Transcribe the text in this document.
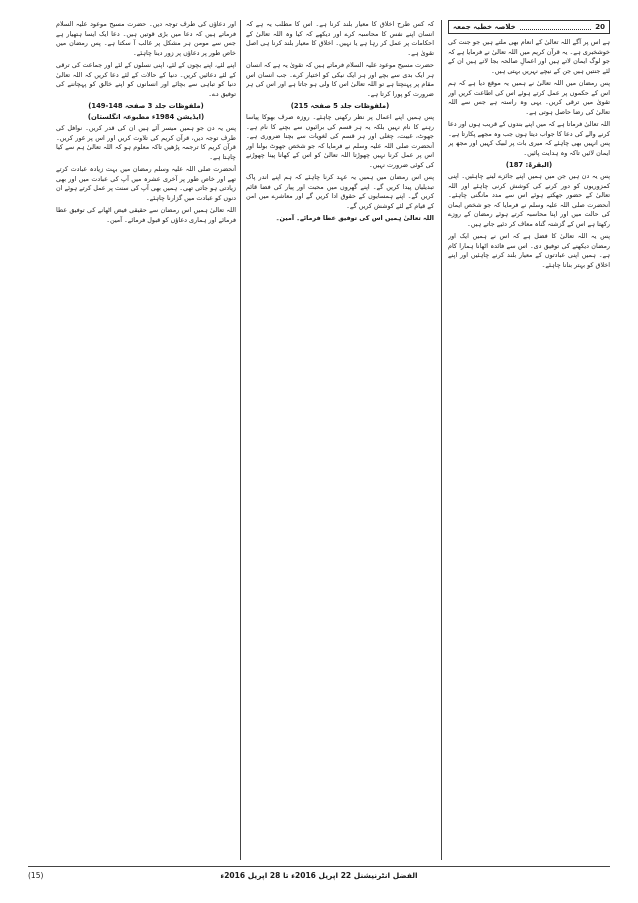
20
خلاصہ خطبہ جمعہ

ہے اس پر آگے اللہ تعالیٰ کے انعام بھی ملتے ہیں جو جنت کی خوشخبری ہے۔ یہ قرآن کریم میں اللہ تعالیٰ نے فرمایا ہے کہ جو لوگ ایمان لاتے ہیں اور اعمالِ صالحہ بجا لاتے ہیں ان کے لئے جنتیں ہیں جن کے نیچے نہریں بہتی ہیں۔

پس رمضان میں اللہ تعالیٰ نے ہمیں یہ موقع دیا ہے کہ ہم اس کے حکموں پر عمل کرتے ہوئے اس کی اطاعت کریں اور تقویٰ میں ترقی کریں۔ یہی وہ راستہ ہے جس سے اللہ تعالیٰ کی رضا حاصل ہوتی ہے۔

اللہ تعالیٰ فرماتا ہے کہ میں اپنے بندوں کے قریب ہوں اور دعا کرنے والے کی دعا کا جواب دیتا ہوں جب وہ مجھے پکارتا ہے۔ پس انہیں بھی چاہئے کہ میری بات پر لبیک کہیں اور مجھ پر ایمان لائیں تاکہ وہ ہدایت پائیں۔

(البقرۃ: 187)

پس یہ دن ہیں جن میں ہمیں اپنے جائزے لینے چاہئیں۔ اپنی کمزوریوں کو دور کرنے کی کوشش کرنی چاہئے اور اللہ تعالیٰ کے حضور جھکتے ہوئے اس سے مدد مانگنی چاہئے۔ آنحضرت صلی اللہ علیہ وسلم نے فرمایا کہ جو شخص ایمان کی حالت میں اور اپنا محاسبہ کرتے ہوئے رمضان کے روزے رکھتا ہے اس کے گزشتہ گناہ معاف کر دئیے جاتے ہیں۔

پس یہ اللہ تعالیٰ کا فضل ہے کہ اس نے ہمیں ایک اور رمضان دیکھنے کی توفیق دی۔ اس سے فائدہ اٹھانا ہمارا کام ہے۔ ہمیں اپنی عبادتوں کے معیار بلند کرنے چاہئیں اور اپنے اخلاق کو بہتر بنانا چاہئے۔

کہ کس طرح اخلاق کا معیار بلند کرنا ہے۔ اس کا مطلب یہ ہے کہ انسان اپنے نفس کا محاسبہ کرے اور دیکھے کہ کیا وہ اللہ تعالیٰ کے احکامات پر عمل کر رہا ہے یا نہیں۔ اخلاق کا معیار بلند کرنا ہی اصل تقویٰ ہے۔

حضرت مسیح موعود علیہ السلام فرماتے ہیں کہ تقویٰ یہ ہے کہ انسان ہر ایک بدی سے بچے اور ہر ایک نیکی کو اختیار کرے۔ جب انسان اس مقام پر پہنچتا ہے تو اللہ تعالیٰ اس کا ولی ہو جاتا ہے اور اس کی ہر ضرورت کو پورا کرتا ہے۔

(ملفوظات جلد 5 صفحہ 215)

پس ہمیں اپنے اعمال پر نظر رکھنی چاہئے۔ روزہ صرف بھوکا پیاسا رہنے کا نام نہیں بلکہ یہ ہر قسم کی برائیوں سے بچنے کا نام ہے۔ جھوٹ، غیبت، چغلی اور ہر قسم کی لغویات سے بچنا ضروری ہے۔ آنحضرت صلی اللہ علیہ وسلم نے فرمایا کہ جو شخص جھوٹ بولنا اور اس پر عمل کرنا نہیں چھوڑتا اللہ تعالیٰ کو اس کے کھانا پینا چھوڑنے کی کوئی ضرورت نہیں۔

پس اس رمضان میں ہمیں یہ عہد کرنا چاہئے کہ ہم اپنے اندر پاک تبدیلیاں پیدا کریں گے۔ اپنے گھروں میں محبت اور پیار کی فضا قائم کریں گے۔ اپنے ہمسایوں کے حقوق ادا کریں گے اور معاشرے میں امن کے قیام کے لئے کوشش کریں گے۔

اللہ تعالیٰ ہمیں اس کی توفیق عطا فرمائے۔ آمین۔

اور دعاؤں کی طرف توجہ دیں۔ حضرت مسیح موعود علیہ السلام فرماتے ہیں کہ دعا میں بڑی قوتیں ہیں۔ دعا ایک ایسا ہتھیار ہے جس سے مومن ہر مشکل پر غالب آ سکتا ہے۔ پس رمضان میں خاص طور پر دعاؤں پر زور دینا چاہئے۔

اپنے لئے، اپنے بچوں کے لئے، اپنی نسلوں کے لئے اور جماعت کی ترقی کے لئے دعائیں کریں۔ دنیا کے حالات کے لئے دعا کریں کہ اللہ تعالیٰ دنیا کو تباہی سے بچائے اور انسانوں کو اپنے خالق کو پہچاننے کی توفیق دے۔

(ملفوظات جلد 3 صفحہ 148-149)

(ایڈیشن 1984ء مطبوعہ انگلستان)

پس یہ دن جو ہمیں میسر آئے ہیں ان کی قدر کریں۔ نوافل کی طرف توجہ دیں، قرآن کریم کی تلاوت کریں اور اس پر غور کریں۔ قرآن کریم کا ترجمہ پڑھیں تاکہ معلوم ہو کہ اللہ تعالیٰ ہم سے کیا چاہتا ہے۔

آنحضرت صلی اللہ علیہ وسلم رمضان میں بہت زیادہ عبادت کرتے تھے اور خاص طور پر آخری عشرہ میں آپ کی عبادت میں اور بھی زیادتی ہو جاتی تھی۔ ہمیں بھی آپ کی سنت پر عمل کرتے ہوئے ان دنوں کو عبادت میں گزارنا چاہئے۔

اللہ تعالیٰ ہمیں اس رمضان سے حقیقی فیض اٹھانے کی توفیق عطا فرمائے اور ہماری دعاؤں کو قبول فرمائے۔ آمین۔

(15)	الفضل انٹرنیشنل 22 اپریل 2016ء تا 28 اپریل 2016ء
